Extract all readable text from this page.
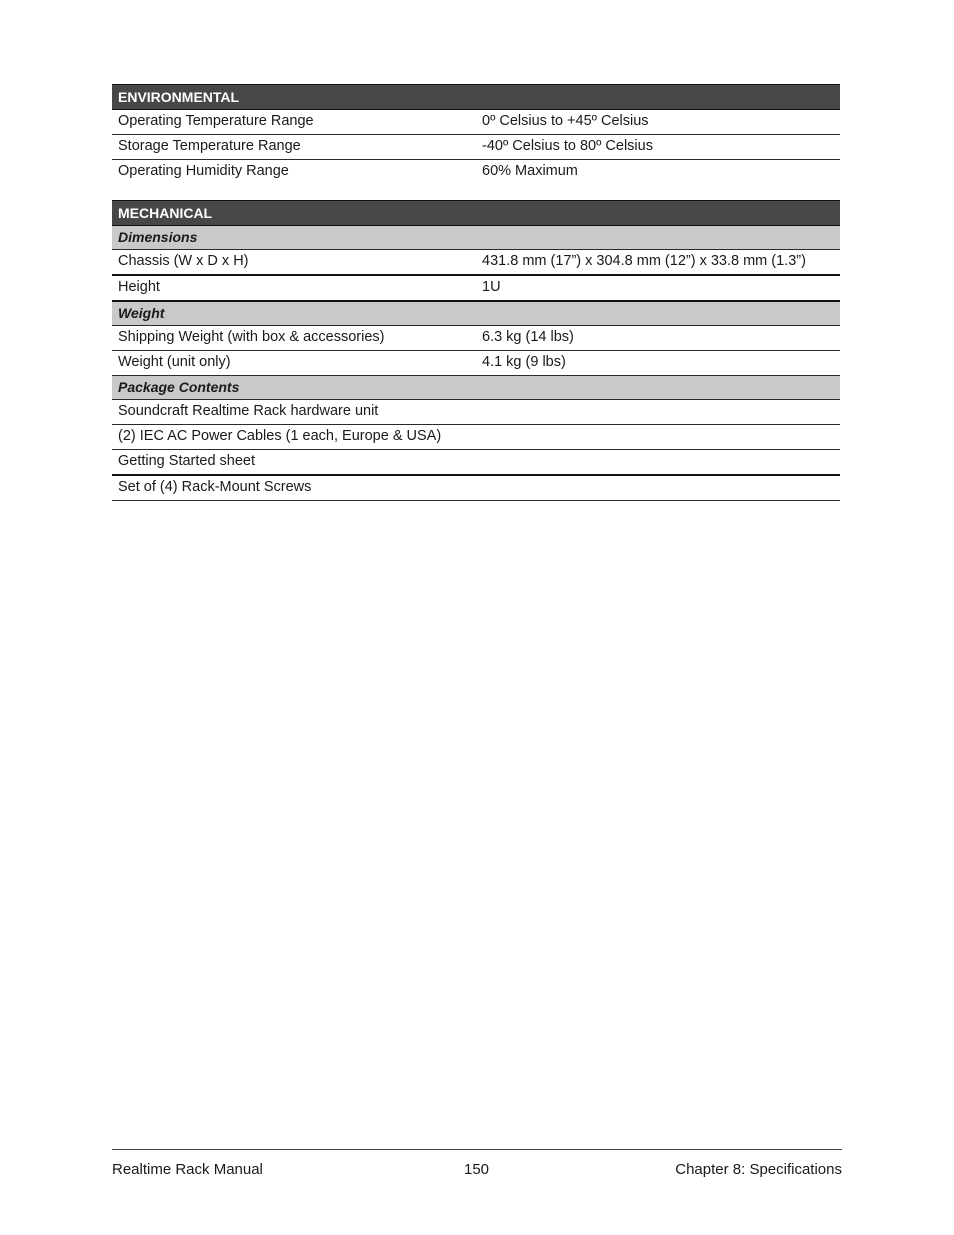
ENVIRONMENTAL	
Operating Temperature Range	0º Celsius to +45º Celsius
Storage Temperature Range	-40º Celsius to 80º Celsius
Operating Humidity Range	60% Maximum
MECHANICAL	
Dimensions	
Chassis (W x D x H)	431.8 mm (17”) x 304.8 mm (12”) x 33.8 mm (1.3”)
Height	1U
Weight	
Shipping Weight (with box & accessories)	6.3 kg (14 lbs)
Weight (unit only)	4.1 kg (9 lbs)
Package Contents	
Soundcraft Realtime Rack hardware unit	
(2) IEC AC Power Cables (1 each, Europe & USA)	
Getting Started sheet	
Set of (4) Rack-Mount Screws	
Realtime Rack Manual	150	Chapter 8: Specifications
